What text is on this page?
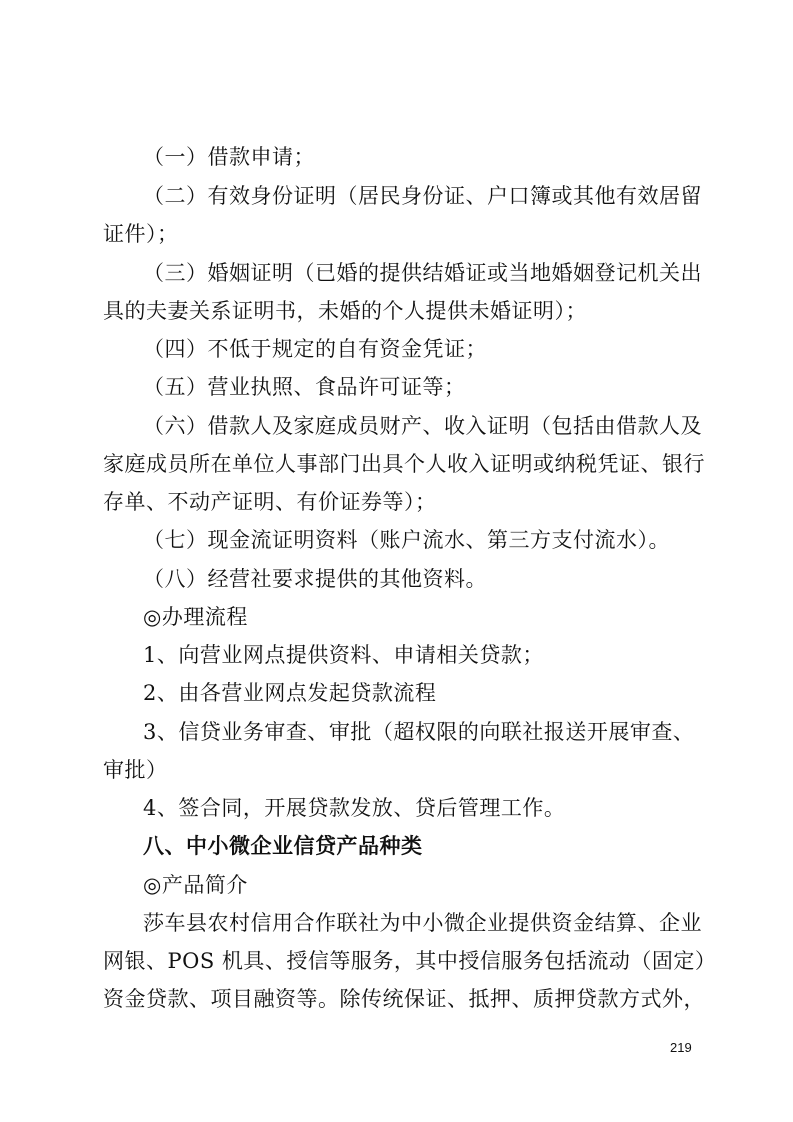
（一）借款申请；
（二）有效身份证明（居民身份证、户口簿或其他有效居留
证件）；
（三）婚姻证明（已婚的提供结婚证或当地婚姻登记机关出
具的夫妻关系证明书，未婚的个人提供未婚证明）；
（四）不低于规定的自有资金凭证；
（五）营业执照、食品许可证等；
（六）借款人及家庭成员财产、收入证明（包括由借款人及
家庭成员所在单位人事部门出具个人收入证明或纳税凭证、银行
存单、不动产证明、有价证券等）；
（七）现金流证明资料（账户流水、第三方支付流水）。
（八）经营社要求提供的其他资料。
◎办理流程
1、向营业网点提供资料、申请相关贷款；
2、由各营业网点发起贷款流程
3、信贷业务审查、审批（超权限的向联社报送开展审查、
审批）
4、签合同，开展贷款发放、贷后管理工作。
八、中小微企业信贷产品种类
◎产品简介
莎车县农村信用合作联社为中小微企业提供资金结算、企业
网银、POS 机具、授信等服务，其中授信服务包括流动（固定）
资金贷款、项目融资等。除传统保证、抵押、质押贷款方式外，
219
